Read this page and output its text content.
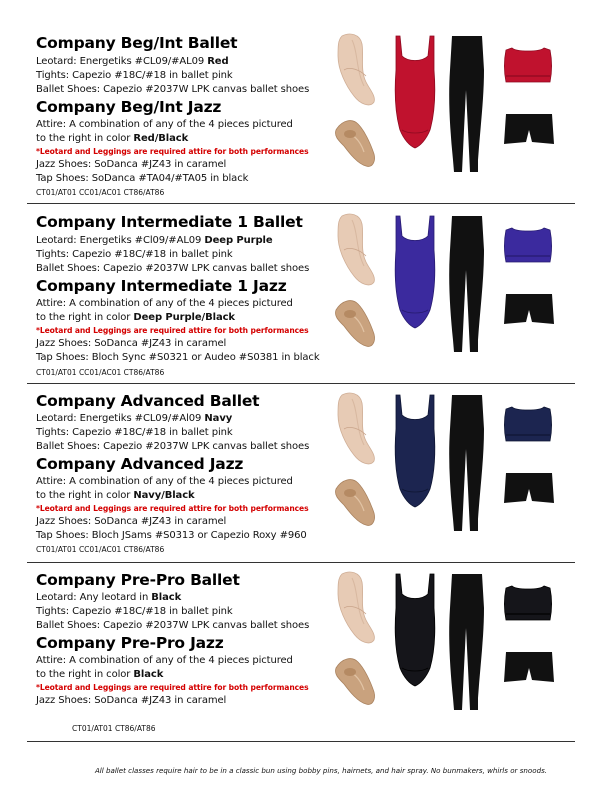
Company Beg/Int Ballet
Leotard: Energetiks #CL09/#AL09 Red
Tights: Capezio #18C/#18 in ballet pink
Ballet Shoes: Capezio #2037W LPK canvas ballet shoes
Company Beg/Int Jazz
Attire: A combination of any of the 4 pieces pictured
to the right in color Red/Black
*Leotard and Leggings are required attire for both performances
Jazz Shoes: SoDanca #JZ43 in caramel
Tap Shoes: SoDanca #TA04/#TA05 in black
CT01/AT01 CC01/AC01 CT86/AT86
Company Intermediate 1 Ballet
Leotard: Energetiks #Cl09/#AL09 Deep Purple
Tights: Capezio #18C/#18 in ballet pink
Ballet Shoes: Capezio #2037W LPK canvas ballet shoes
Company Intermediate 1 Jazz
Attire: A combination of any of the 4 pieces pictured
to the right in color Deep Purple/Black
*Leotard and Leggings are required attire for both performances
Jazz Shoes: SoDanca #JZ43 in caramel
Tap Shoes: Bloch Sync #S0321 or Audeo #S0381 in black
CT01/AT01 CC01/AC01 CT86/AT86
Company Advanced Ballet
Leotard: Energetiks #CL09/#Al09 Navy
Tights: Capezio #18C/#18 in ballet pink
Ballet Shoes: Capezio #2037W LPK canvas ballet shoes
Company Advanced Jazz
Attire: A combination of any of the 4 pieces pictured
to the right in color Navy/Black
*Leotard and Leggings are required attire for both performances
Jazz Shoes: SoDanca #JZ43 in caramel
Tap Shoes: Bloch JSams #S0313 or Capezio Roxy #960
CT01/AT01 CC01/AC01 CT86/AT86
Company Pre-Pro Ballet
Leotard: Any leotard in Black
Tights: Capezio #18C/#18 in ballet pink
Ballet Shoes: Capezio #2037W LPK canvas ballet shoes
Company Pre-Pro Jazz
Attire: A combination of any of the 4 pieces pictured
to the right in color Black
*Leotard and Leggings are required attire for both performances
Jazz Shoes: SoDanca #JZ43 in caramel
CT01/AT01 CT86/AT86
All ballet classes require hair to be in a classic bun using bobby pins, hairnets, and hair spray. No bunmakers, whirls or snoods.
